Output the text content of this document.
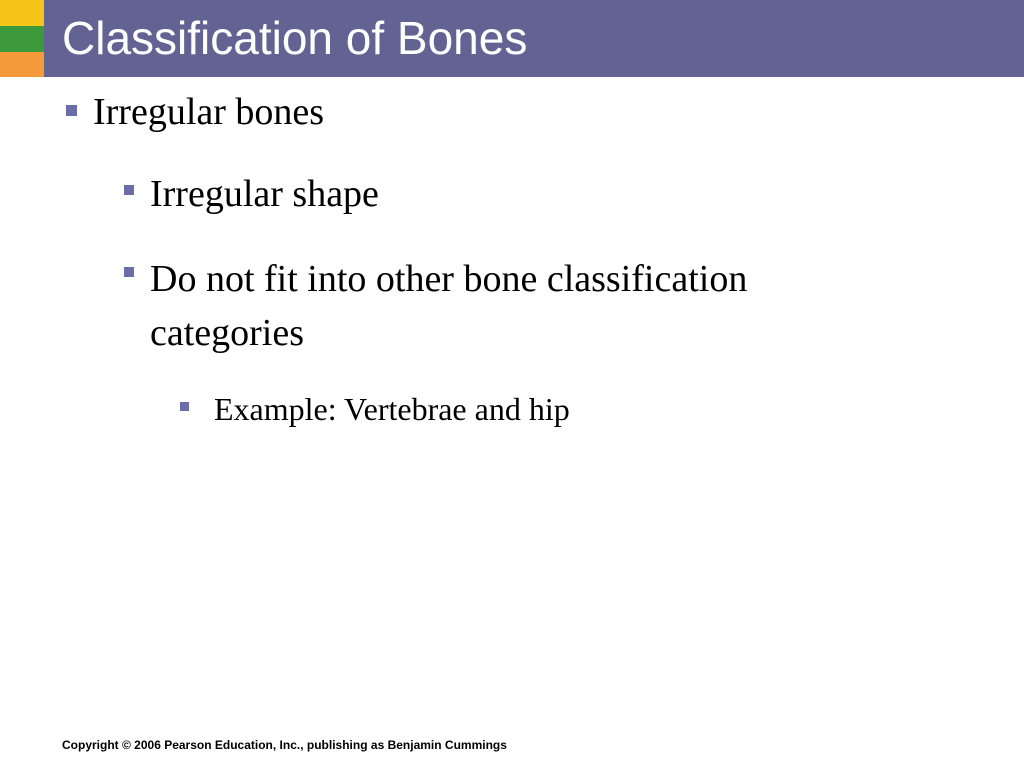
Classification of Bones
Irregular bones
Irregular shape
Do not fit into other bone classification categories
Example: Vertebrae and hip
Copyright © 2006 Pearson Education, Inc., publishing as Benjamin Cummings
